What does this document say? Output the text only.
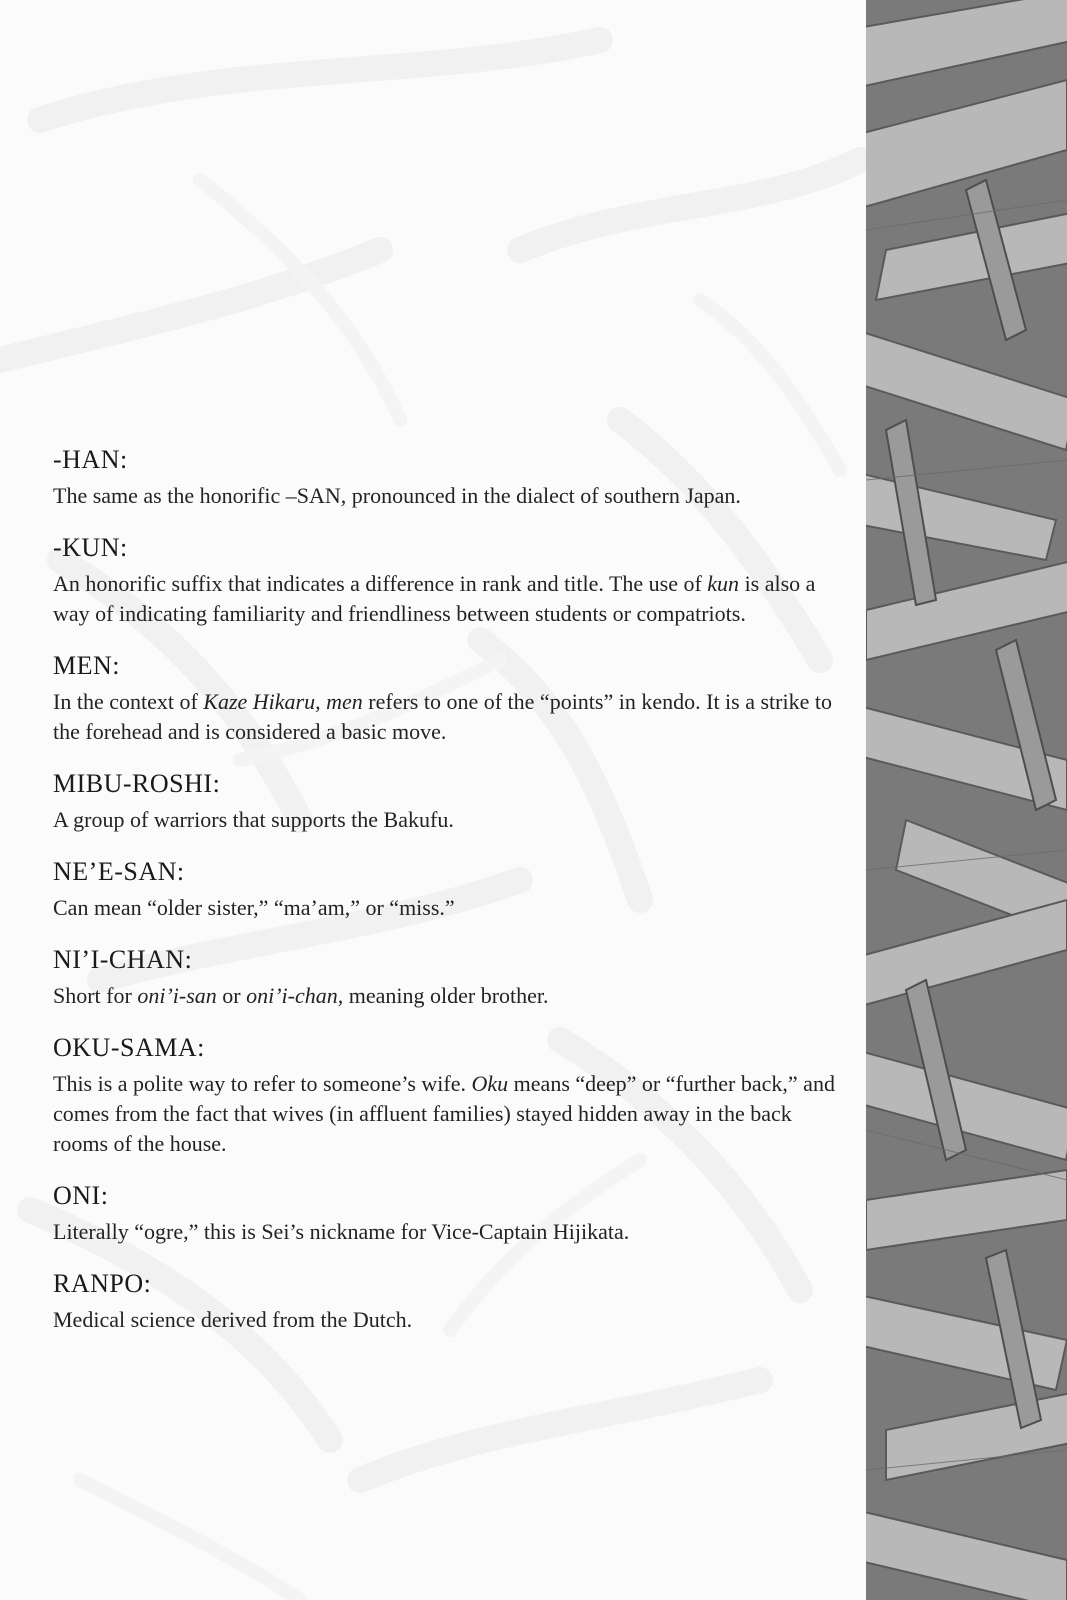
-HAN:

The same as the honorific –SAN, pronounced in the dialect of southern Japan.

-KUN:

An honorific suffix that indicates a difference in rank and title. The use of kun is also a way of indicating familiarity and friendliness between students or compatriots.

MEN:

In the context of Kaze Hikaru, men refers to one of the “points” in kendo. It is a strike to the forehead and is considered a basic move.

MIBU-ROSHI:

A group of warriors that supports the Bakufu.

NE’E-SAN:

Can mean “older sister,” “ma’am,” or “miss.”

NI’I-CHAN:

Short for oni’i-san or oni’i-chan, meaning older brother.

OKU-SAMA:

This is a polite way to refer to someone’s wife. Oku means “deep” or “further back,” and comes from the fact that wives (in affluent families) stayed hidden away in the back rooms of the house.

ONI:

Literally “ogre,” this is Sei’s nickname for Vice-Captain Hijikata.

RANPO:

Medical science derived from the Dutch.
